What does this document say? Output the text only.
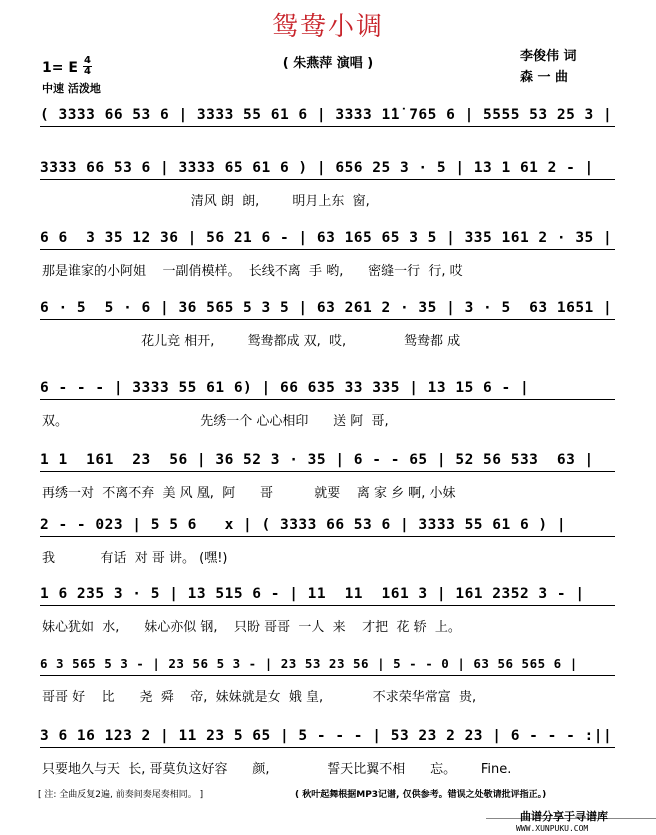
鸳鸯小调
( 朱燕萍 演唱 )	李俊伟 词
森 一 曲
1= E 4
4
中速 活泼地
( 3333 66 53 6 | 3333 55 61 6 | 3333 1̇1̇ 765 6 | 5555 53 25 3 |
3333 66 53 6 | 3333 65 61 6 ) | 656 25 3 · 5 | 13 1 61 2 - |
清风 朗  朗,        明月上东  窗,
6 6  3 35 12 36 | 56 21 6 - | 63 165 65 3 5 | 335 161 2 · 35 |
那是谁家的小阿姐    一副俏模样。  长线不离  手 哟,      密缝一行  行, 哎
6 · 5  5 · 6 | 36 565 5 3 5 | 63 261 2 · 35 | 3 · 5  63 1651 |
花儿竞 相开,        鸳鸯都成 双,  哎,              鸳鸯都 成
6 - - - | 3333 55 61 6) | 66 635 33 335 | 13 15 6 - |
双。                                先绣一个 心心相印      送 阿  哥,
1 1  161  23  56 | 36 52 3 · 35 | 6 - - 65 | 52 56 533  63 |
再绣一对  不离不弃  美 风 凰,  阿      哥          就要    离 家 乡 啊, 小妹
2 - - 023 | 5 5 6   x | ( 3333 66 53 6 | 3333 55 61 6 ) |
我           有话  对 哥 讲。 (嘿!)
1 6 235 3 · 5 | 13 515 6 - | 11  11  161 3 | 161 2352 3 - |
妹心犹如  水,      妹心亦似 钢,    只盼 哥哥  一人  来    才把  花 轿  上。
6 3 565 5 3 - | 23 56 5 3 - | 23 53 23 56 | 5 - - 0 | 63 56 565 6 |
哥哥 好    比      尧  舜    帝,  妹妹就是女  娥 皇,            不求荣华常富  贵,
3 6 16 123 2 | 11 23 5 65 | 5 - - - | 53 23 2 23 | 6 - - - :||
只要地久与天  长, 哥莫负这好容      颜,              誓天比翼不相      忘。      Fine.
[ 注: 全曲反复2遍, 前奏间奏尾奏相同。 ]	( 秋叶起舞根据MP3记谱, 仅供参考。错误之处敬请批评指正。)
曲谱分享于寻谱库
WWW.XUNPUKU.COM
